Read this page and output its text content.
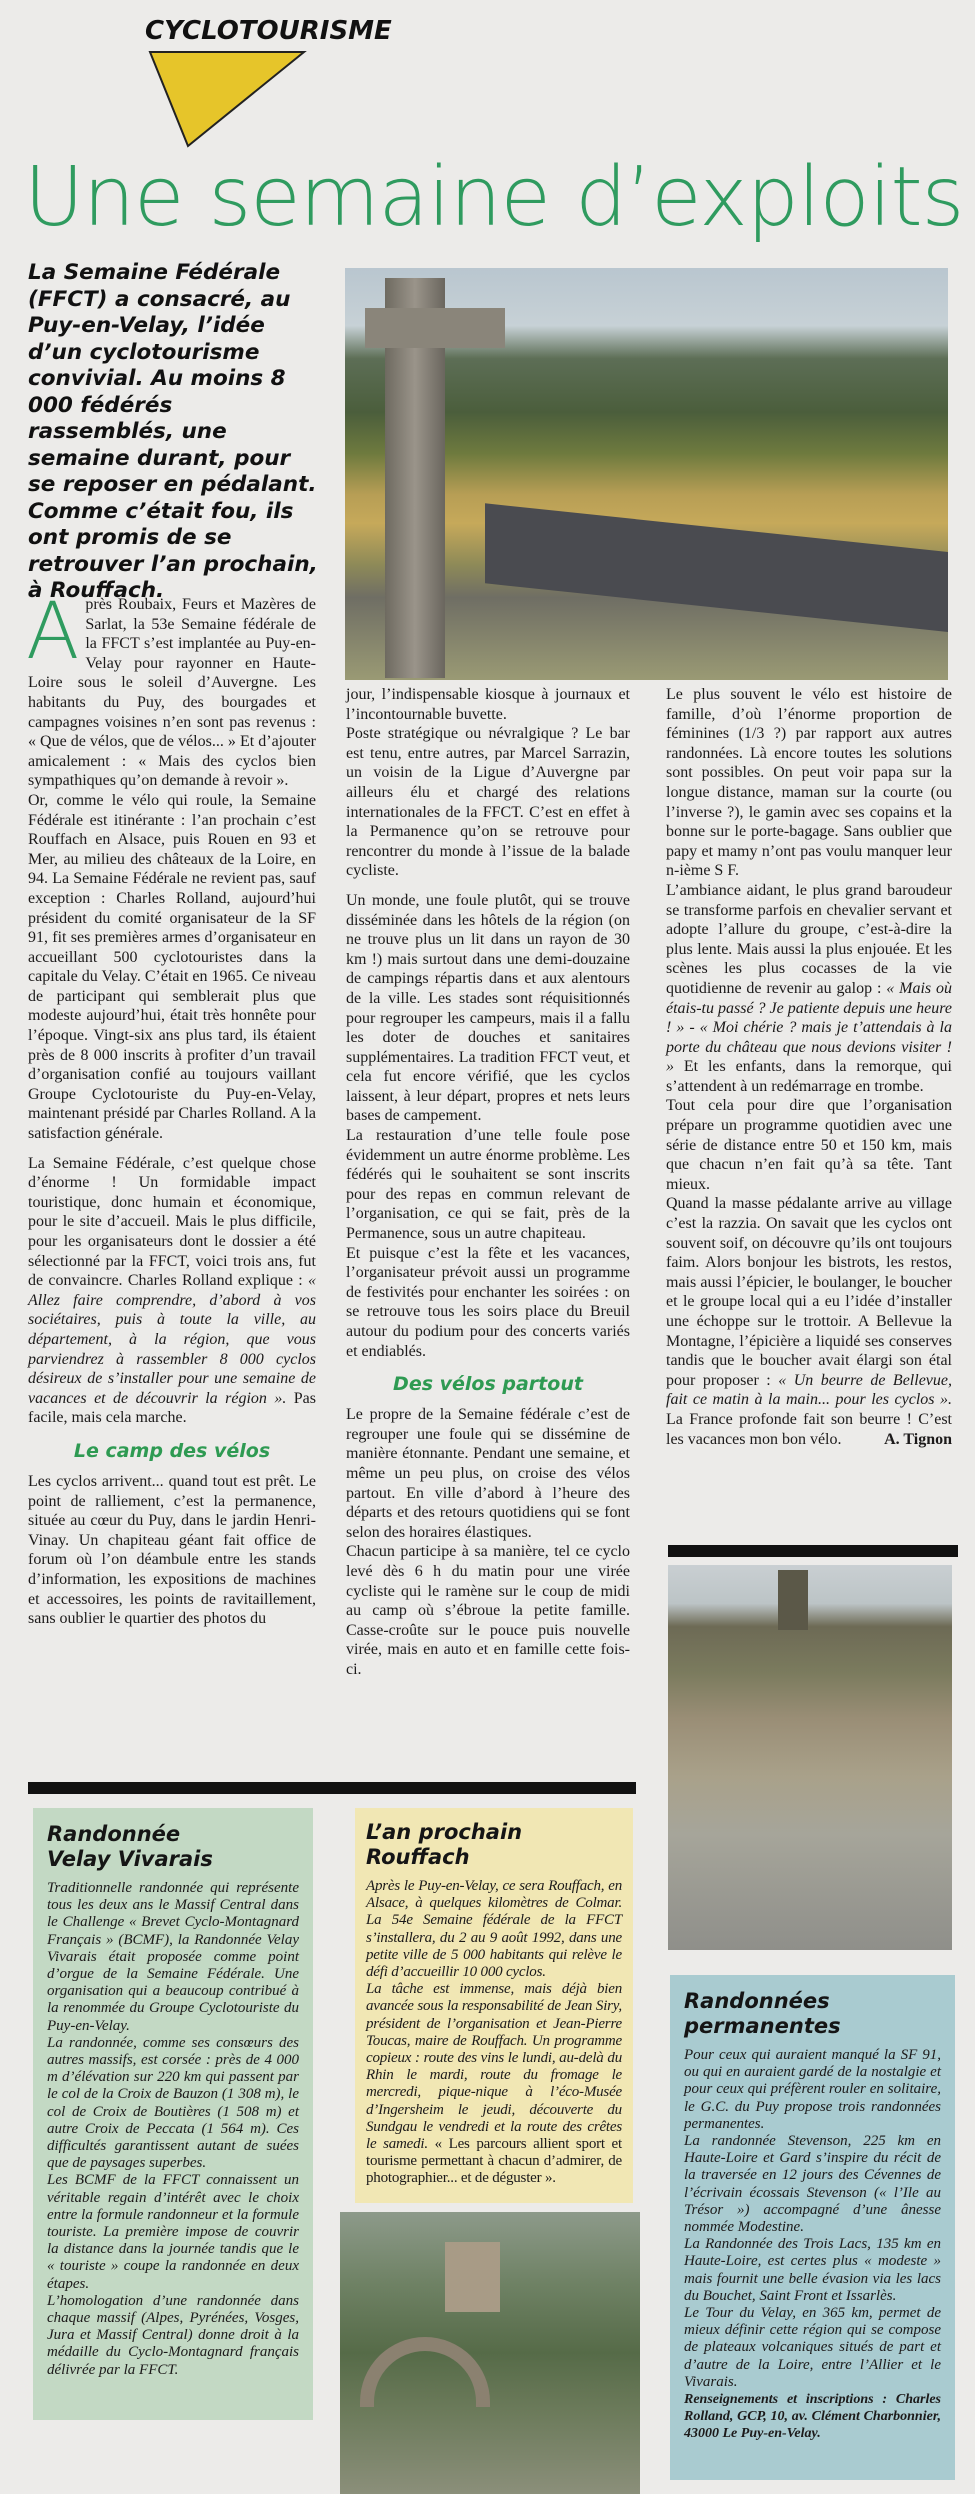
CYCLOTOURISME
Une semaine d’exploits
La Semaine Fédérale (FFCT) a consacré, au Puy-en-Velay, l’idée d’un cyclotourisme convivial. Au moins 8 000 fédérés rassemblés, une semaine durant, pour se reposer en pédalant. Comme c’était fou, ils ont promis de se retrouver l’an prochain, à Rouffach.

Après Roubaix, Feurs et Mazères de Sarlat, la 53e Semaine fédérale de la FFCT s’est implantée au Puy-en-Velay pour rayonner en Haute-Loire sous le soleil d’Auvergne. Les habitants du Puy, des bourgades et campagnes voisines n’en sont pas revenus : « Que de vélos, que de vélos... » Et d’ajouter amicalement : « Mais des cyclos bien sympathiques qu’on demande à revoir ».

Or, comme le vélo qui roule, la Semaine Fédérale est itinérante : l’an prochain c’est Rouffach en Alsace, puis Rouen en 93 et Mer, au milieu des châteaux de la Loire, en 94. La Semaine Fédérale ne revient pas, sauf exception : Charles Rolland, aujourd’hui président du comité organisateur de la SF 91, fit ses premières armes d’organisateur en accueillant 500 cyclotouristes dans la capitale du Velay. C’était en 1965. Ce niveau de participant qui semblerait plus que modeste aujourd’hui, était très honnête pour l’époque. Vingt-six ans plus tard, ils étaient près de 8 000 inscrits à profiter d’un travail d’organisation confié au toujours vaillant Groupe Cyclotouriste du Puy-en-Velay, maintenant présidé par Charles Rolland. A la satisfaction générale.

La Semaine Fédérale, c’est quelque chose d’énorme ! Un formidable impact touristique, donc humain et économique, pour le site d’accueil. Mais le plus difficile, pour les organisateurs dont le dossier a été sélectionné par la FFCT, voici trois ans, fut de convaincre. Charles Rolland explique : « Allez faire comprendre, d’abord à vos sociétaires, puis à toute la ville, au département, à la région, que vous parviendrez à rassembler 8 000 cyclos désireux de s’installer pour une semaine de vacances et de découvrir la région ». Pas facile, mais cela marche.

Le camp des vélos

Les cyclos arrivent... quand tout est prêt. Le point de ralliement, c’est la permanence, située au cœur du Puy, dans le jardin Henri-Vinay. Un chapiteau géant fait office de forum où l’on déambule entre les stands d’information, les expositions de machines et accessoires, les points de ravitaillement, sans oublier le quartier des photos du

jour, l’indispensable kiosque à journaux et l’incontournable buvette.

Poste stratégique ou névralgique ? Le bar est tenu, entre autres, par Marcel Sarrazin, un voisin de la Ligue d’Auvergne par ailleurs élu et chargé des relations internationales de la FFCT. C’est en effet à la Permanence qu’on se retrouve pour rencontrer du monde à l’issue de la balade cycliste.

Un monde, une foule plutôt, qui se trouve disséminée dans les hôtels de la région (on ne trouve plus un lit dans un rayon de 30 km !) mais surtout dans une demi-douzaine de campings répartis dans et aux alentours de la ville. Les stades sont réquisitionnés pour regrouper les campeurs, mais il a fallu les doter de douches et sanitaires supplémentaires. La tradition FFCT veut, et cela fut encore vérifié, que les cyclos laissent, à leur départ, propres et nets leurs bases de campement.

La restauration d’une telle foule pose évidemment un autre énorme problème. Les fédérés qui le souhaitent se sont inscrits pour des repas en commun relevant de l’organisation, ce qui se fait, près de la Permanence, sous un autre chapiteau.

Et puisque c’est la fête et les vacances, l’organisateur prévoit aussi un programme de festivités pour enchanter les soirées : on se retrouve tous les soirs place du Breuil autour du podium pour des concerts variés et endiablés.

Des vélos partout

Le propre de la Semaine fédérale c’est de regrouper une foule qui se dissémine de manière étonnante. Pendant une semaine, et même un peu plus, on croise des vélos partout. En ville d’abord à l’heure des départs et des retours quotidiens qui se font selon des horaires élastiques.

Chacun participe à sa manière, tel ce cyclo levé dès 6 h du matin pour une virée cycliste qui le ramène sur le coup de midi au camp où s’ébroue la petite famille. Casse-croûte sur le pouce puis nouvelle virée, mais en auto et en famille cette fois-ci.

Le plus souvent le vélo est histoire de famille, d’où l’énorme proportion de féminines (1/3 ?) par rapport aux autres randonnées. Là encore toutes les solutions sont possibles. On peut voir papa sur la longue distance, maman sur la courte (ou l’inverse ?), le gamin avec ses copains et la bonne sur le porte-bagage. Sans oublier que papy et mamy n’ont pas voulu manquer leur n-ième S F.

L’ambiance aidant, le plus grand baroudeur se transforme parfois en chevalier servant et adopte l’allure du groupe, c’est-à-dire la plus lente. Mais aussi la plus enjouée. Et les scènes les plus cocasses de la vie quotidienne de revenir au galop : « Mais où étais-tu passé ? Je patiente depuis une heure ! » - « Moi chérie ? mais je t’attendais à la porte du château que nous devions visiter ! » Et les enfants, dans la remorque, qui s’attendent à un redémarrage en trombe.

Tout cela pour dire que l’organisation prépare un programme quotidien avec une série de distance entre 50 et 150 km, mais que chacun n’en fait qu’à sa tête. Tant mieux.

Quand la masse pédalante arrive au village c’est la razzia. On savait que les cyclos ont souvent soif, on découvre qu’ils ont toujours faim. Alors bonjour les bistrots, les restos, mais aussi l’épicier, le boulanger, le boucher et le groupe local qui a eu l’idée d’installer une échoppe sur le trottoir. A Bellevue la Montagne, l’épicière a liquidé ses conserves tandis que le boucher avait élargi son étal pour proposer : « Un beurre de Bellevue, fait ce matin à la main... pour les cyclos ». La France profonde fait son beurre ! C’est les vacances mon bon vélo.	A. Tignon

Randonnée
Velay Vivarais

Traditionnelle randonnée qui représente tous les deux ans le Massif Central dans le Challenge « Brevet Cyclo-Montagnard Français » (BCMF), la Randonnée Velay Vivarais était proposée comme point d’orgue de la Semaine Fédérale. Une organisation qui a beaucoup contribué à la renommée du Groupe Cyclotouriste du Puy-en-Velay.

La randonnée, comme ses consœurs des autres massifs, est corsée : près de 4 000 m d’élévation sur 220 km qui passent par le col de la Croix de Bauzon (1 308 m), le col de Croix de Boutières (1 508 m) et autre Croix de Peccata (1 564 m). Ces difficultés garantissent autant de suées que de paysages superbes.

Les BCMF de la FFCT connaissent un véritable regain d’intérêt avec le choix entre la formule randonneur et la formule touriste. La première impose de couvrir la distance dans la journée tandis que le « touriste » coupe la randonnée en deux étapes.

L’homologation d’une randonnée dans chaque massif (Alpes, Pyrénées, Vosges, Jura et Massif Central) donne droit à la médaille du Cyclo-Montagnard français délivrée par la FFCT.

L’an prochain Rouffach

Après le Puy-en-Velay, ce sera Rouffach, en Alsace, à quelques kilomètres de Colmar. La 54e Semaine fédérale de la FFCT s’installera, du 2 au 9 août 1992, dans une petite ville de 5 000 habitants qui relève le défi d’accueillir 10 000 cyclos.

La tâche est immense, mais déjà bien avancée sous la responsabilité de Jean Siry, président de l’organisation et Jean-Pierre Toucas, maire de Rouffach. Un programme copieux : route des vins le lundi, au-delà du Rhin le mardi, route du fromage le mercredi, pique-nique à l’éco-Musée d’Ingersheim le jeudi, découverte du Sundgau le vendredi et la route des crêtes le samedi. « Les parcours allient sport et tourisme permettant à chacun d’admirer, de photographier... et de déguster ».

Randonnées
permanentes

Pour ceux qui auraient manqué la SF 91, ou qui en auraient gardé de la nostalgie et pour ceux qui préfèrent rouler en solitaire, le G.C. du Puy propose trois randonnées permanentes.

La randonnée Stevenson, 225 km en Haute-Loire et Gard s’inspire du récit de la traversée en 12 jours des Cévennes de l’écrivain écossais Stevenson (« l’Ile au Trésor ») accompagné d’une ânesse nommée Modestine.

La Randonnée des Trois Lacs, 135 km en Haute-Loire, est certes plus « modeste » mais fournit une belle évasion via les lacs du Bouchet, Saint Front et Issarlès.

Le Tour du Velay, en 365 km, permet de mieux définir cette région qui se compose de plateaux volcaniques situés de part et d’autre de la Loire, entre l’Allier et le Vivarais.

Renseignements et inscriptions : Charles Rolland, GCP, 10, av. Clément Charbonnier, 43000 Le Puy-en-Velay.
